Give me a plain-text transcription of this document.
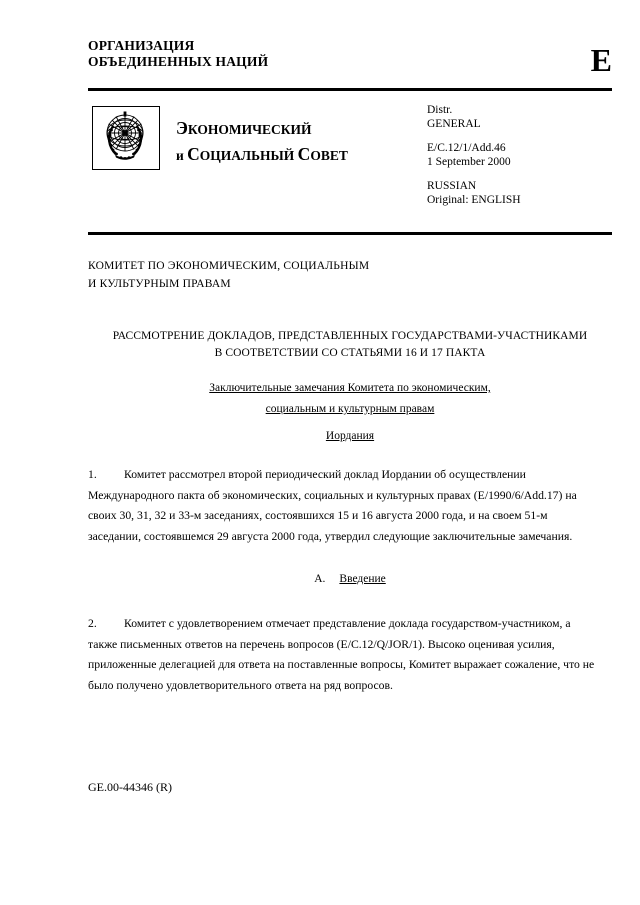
ОРГАНИЗАЦИЯ
ОБЪЕДИНЕННЫХ НАЦИЙ	E
ЭКОНОМИЧЕСКИЙ
и СОЦИАЛЬНЫЙ СОВЕТ
Distr.
GENERAL
E/C.12/1/Add.46
1 September 2000
RUSSIAN
Original: ENGLISH
КОМИТЕТ ПО ЭКОНОМИЧЕСКИМ, СОЦИАЛЬНЫМ
И КУЛЬТУРНЫМ ПРАВАМ
РАССМОТРЕНИЕ ДОКЛАДОВ, ПРЕДСТАВЛЕННЫХ ГОСУДАРСТВАМИ-УЧАСТНИКАМИ
В СООТВЕТСТВИИ СО СТАТЬЯМИ 16 И 17 ПАКТА
Заключительные замечания Комитета по экономическим,
социальным и культурным правам
Иордания
1. Комитет рассмотрел второй периодический доклад Иордании об осуществлении Международного пакта об экономических, социальных и культурных правах (E/1990/6/Add.17) на своих 30, 31, 32 и 33-м заседаниях, состоявшихся 15 и 16 августа 2000 года, и на своем 51-м заседании, состоявшемся 29 августа 2000 года, утвердил следующие заключительные замечания.
A. Введение
2. Комитет с удовлетворением отмечает представление доклада государством-участником, а также письменных ответов на перечень вопросов (E/C.12/Q/JOR/1). Высоко оценивая усилия, приложенные делегацией для ответа на поставленные вопросы, Комитет выражает сожаление, что не было получено удовлетворительного ответа на ряд вопросов.
GE.00-44346 (R)
